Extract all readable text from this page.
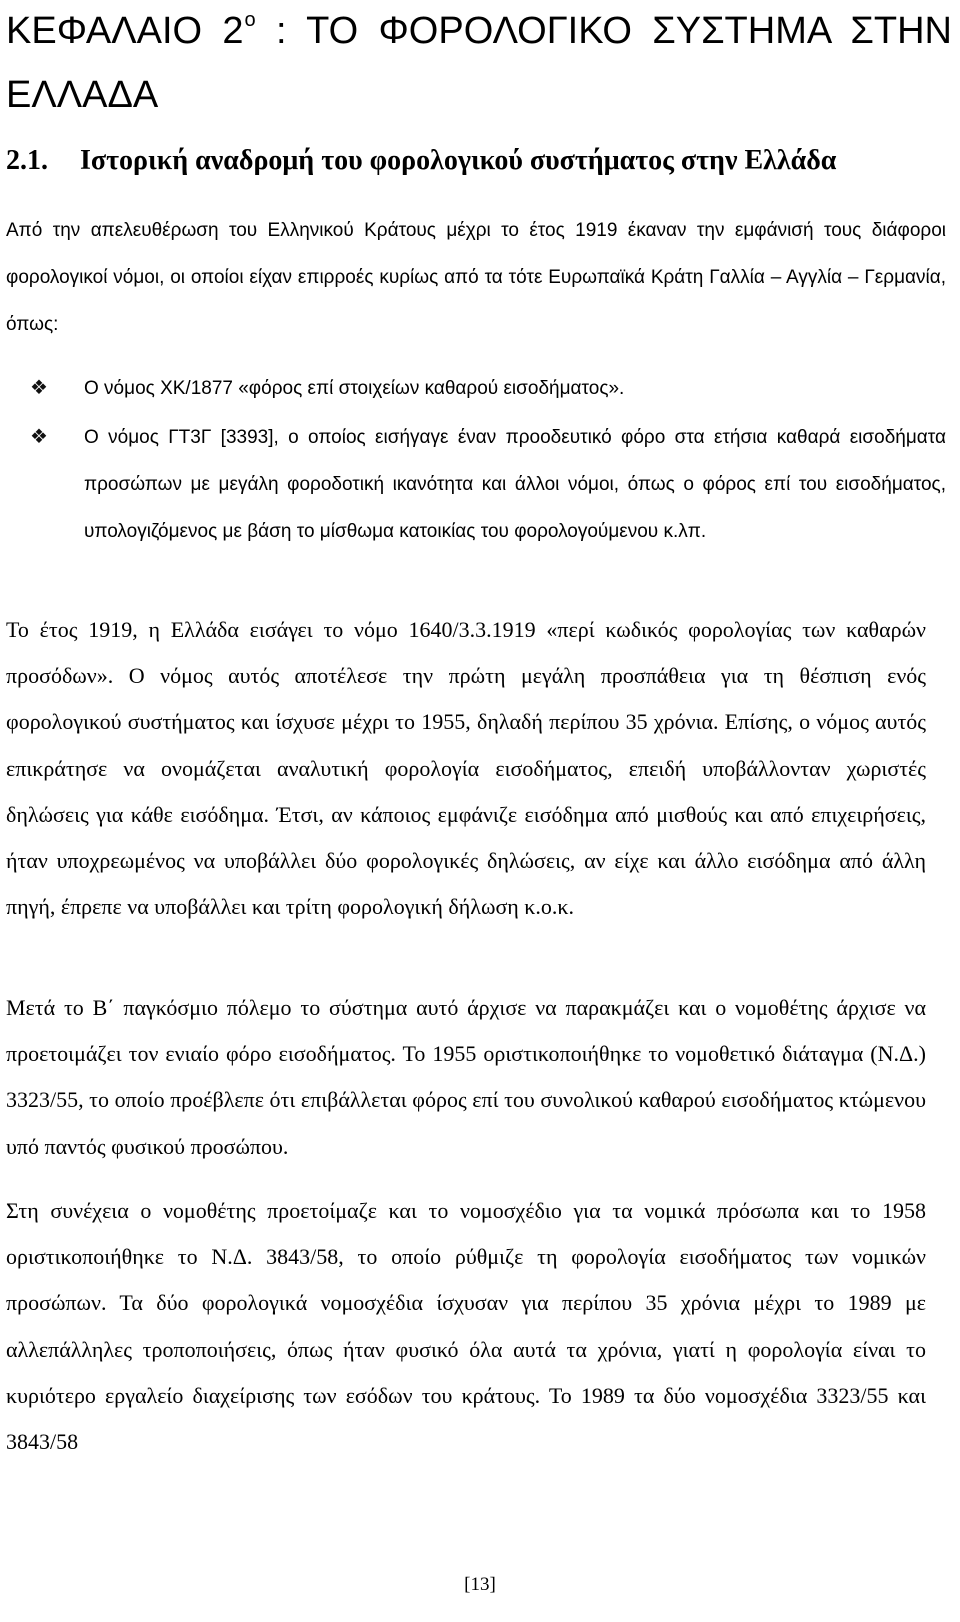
ΚΕΦΑΛΑΙΟ $2^o$ : ΤΟ ΦΟΡΟΛΟΓΙΚΟ ΣΥΣΤΗΜΑ ΣΤΗΝ ΕΛΛΑΔΑ
2.1. Ιστορική αναδρομή του φορολογικού συστήματος στην Ελλάδα

Από την απελευθέρωση του Ελληνικού Κράτους μέχρι το έτος 1919 έκαναν την εμφάνισή τους διάφοροι φορολογικοί νόμοι, οι οποίοι είχαν επιρροές κυρίως από τα τότε Ευρωπαϊκά Κράτη Γαλλία – Αγγλία – Γερμανία, όπως:

❖	Ο νόμος ΧΚ/1877 «φόρος επί στοιχείων καθαρού εισοδήματος».
❖	Ο νόμος ΓΤ3Γ [3393], ο οποίος εισήγαγε έναν προοδευτικό φόρο στα ετήσια καθαρά εισοδήματα προσώπων με μεγάλη φοροδοτική ικανότητα και άλλοι νόμοι, όπως ο φόρος επί του εισοδήματος, υπολογιζόμενος με βάση το μίσθωμα κατοικίας του φορολογούμενου κ.λπ.

Το έτος 1919, η Ελλάδα εισάγει το νόμο 1640/3.3.1919 «περί κωδικός φορολογίας των καθαρών προσόδων». Ο νόμος αυτός αποτέλεσε την πρώτη μεγάλη προσπάθεια για τη θέσπιση ενός φορολογικού συστήματος και ίσχυσε μέχρι το 1955, δηλαδή περίπου 35 χρόνια. Επίσης, ο νόμος αυτός επικράτησε να ονομάζεται αναλυτική φορολογία εισοδήματος, επειδή υποβάλλονταν χωριστές δηλώσεις για κάθε εισόδημα. Έτσι, αν κάποιος εμφάνιζε εισόδημα από μισθούς και από επιχειρήσεις, ήταν υποχρεωμένος να υποβάλλει δύο φορολογικές δηλώσεις, αν είχε και άλλο εισόδημα από άλλη πηγή, έπρεπε να υποβάλλει και τρίτη φορολογική δήλωση κ.ο.κ.

Μετά το Β΄ παγκόσμιο πόλεμο το σύστημα αυτό άρχισε να παρακμάζει και ο νομοθέτης άρχισε να προετοιμάζει τον ενιαίο φόρο εισοδήματος. Το 1955 οριστικοποιήθηκε το νομοθετικό διάταγμα (Ν.Δ.) 3323/55, το οποίο προέβλεπε ότι επιβάλλεται φόρος επί του συνολικού καθαρού εισοδήματος κτώμενου υπό παντός φυσικού προσώπου.

Στη συνέχεια ο νομοθέτης προετοίμαζε και το νομοσχέδιο για τα νομικά πρόσωπα και το 1958 οριστικοποιήθηκε το Ν.Δ. 3843/58, το οποίο ρύθμιζε τη φορολογία εισοδήματος των νομικών προσώπων. Τα δύο φορολογικά νομοσχέδια ίσχυσαν για περίπου 35 χρόνια μέχρι το 1989 με αλλεπάλληλες τροποποιήσεις, όπως ήταν φυσικό όλα αυτά τα χρόνια, γιατί η φορολογία είναι το κυριότερο εργαλείο διαχείρισης των εσόδων του κράτους. Το 1989 τα δύο νομοσχέδια 3323/55 και 3843/58

[13]
